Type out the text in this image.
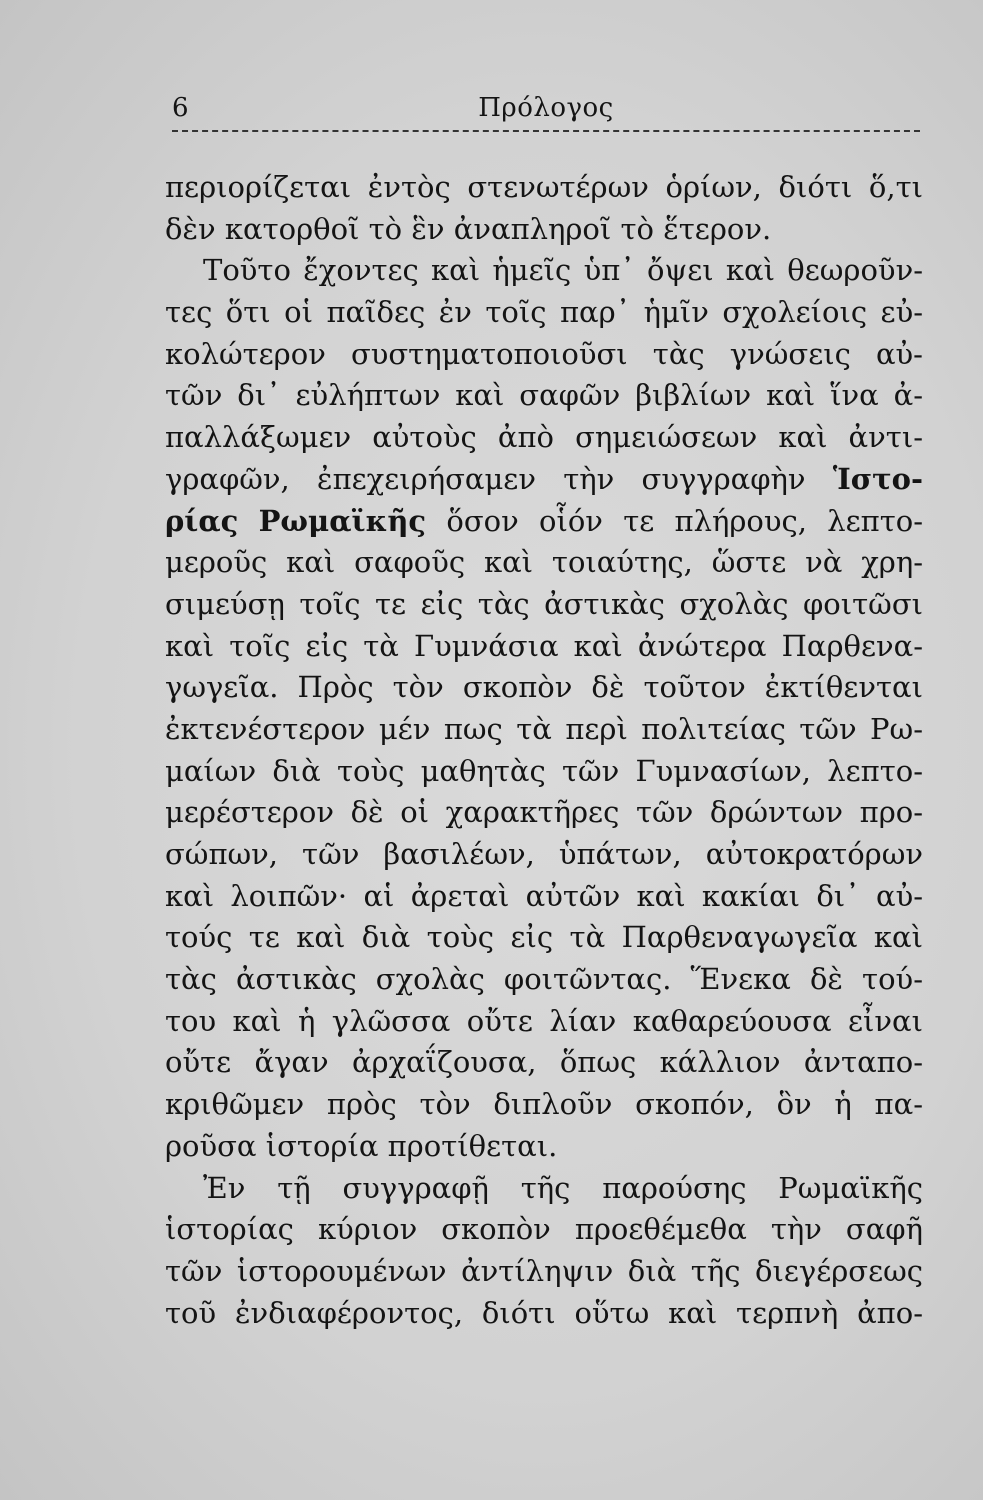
6	Πρόλογος
περιορίζεται ἐντὸς στενωτέρων ὁρίων, διότι ὅ,τι
δὲν κατορθοῖ τὸ ἓν ἀναπληροῖ τὸ ἕτερον.
Τοῦτο ἔχοντες καὶ ἡμεῖς ὑπ᾽ ὄψει καὶ θεωροῦν-
τες ὅτι οἱ παῖδες ἐν τοῖς παρ᾽ ἡμῖν σχολείοις εὐ-
κολώτερον συστηματοποιοῦσι τὰς γνώσεις αὐ-
τῶν δι᾽ εὐλήπτων καὶ σαφῶν βιβλίων καὶ ἵνα ἀ-
παλλάξωμεν αὐτοὺς ἀπὸ σημειώσεων καὶ ἀντι-
γραφῶν, ἐπεχειρήσαμεν τὴν συγγραφὴν Ἱστο-
ρίας Ρωμαϊκῆς ὅσον οἷόν τε πλήρους, λεπτο-
μεροῦς καὶ σαφοῦς καὶ τοιαύτης, ὥστε νὰ χρη-
σιμεύσῃ τοῖς τε εἰς τὰς ἀστικὰς σχολὰς φοιτῶσι
καὶ τοῖς εἰς τὰ Γυμνάσια καὶ ἀνώτερα Παρθενα-
γωγεῖα. Πρὸς τὸν σκοπὸν δὲ τοῦτον ἐκτίθενται
ἐκτενέστερον μέν πως τὰ περὶ πολιτείας τῶν Ρω-
μαίων διὰ τοὺς μαθητὰς τῶν Γυμνασίων, λεπτο-
μερέστερον δὲ οἱ χαρακτῆρες τῶν δρώντων προ-
σώπων, τῶν βασιλέων, ὑπάτων, αὐτοκρατόρων
καὶ λοιπῶν· αἱ ἀρεταὶ αὐτῶν καὶ κακίαι δι᾽ αὐ-
τούς τε καὶ διὰ τοὺς εἰς τὰ Παρθεναγωγεῖα καὶ
τὰς ἀστικὰς σχολὰς φοιτῶντας. Ἕνεκα δὲ τού-
του καὶ ἡ γλῶσσα οὔτε λίαν καθαρεύουσα εἶναι
οὔτε ἄγαν ἀρχαΐζουσα, ὅπως κάλλιον ἀνταπο-
κριθῶμεν πρὸς τὸν διπλοῦν σκοπόν, ὃν ἡ πα-
ροῦσα ἱστορία προτίθεται.
Ἐν τῇ συγγραφῇ τῆς παρούσης Ρωμαϊκῆς
ἱστορίας κύριον σκοπὸν προεθέμεθα τὴν σαφῆ
τῶν ἱστορουμένων ἀντίληψιν διὰ τῆς διεγέρσεως
τοῦ ἐνδιαφέροντος, διότι οὕτω καὶ τερπνὴ ἀπο-
